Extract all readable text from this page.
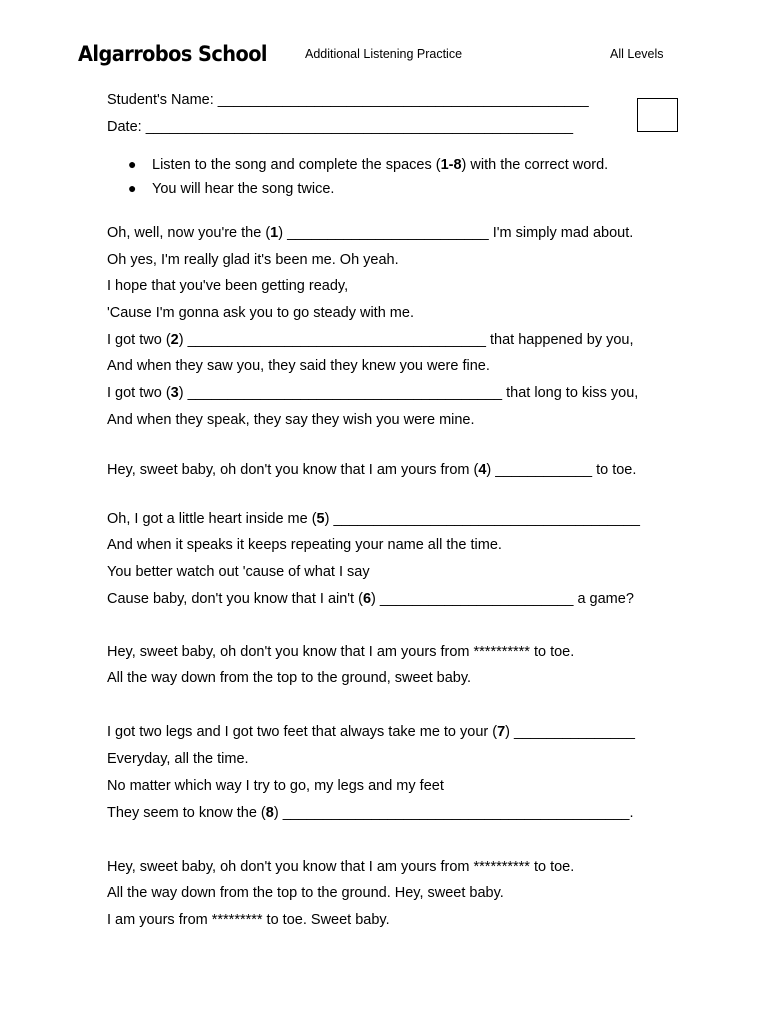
Algarrobos School	Additional Listening Practice	All Levels
Student's Name: ______________________________________________
Date: _____________________________________________________
● Listen to the song and complete the spaces (1-8) with the correct word.
● You will hear the song twice.
Oh, well, now you're the (1) _________________________ I'm simply mad about.
Oh yes, I'm really glad it's been me. Oh yeah.
I hope that you've been getting ready,
'Cause I'm gonna ask you to go steady with me.
I got two (2) _____________________________________ that happened by you,
And when they saw you, they said they knew you were fine.
I got two (3) _______________________________________ that long to kiss you,
And when they speak, they say they wish you were mine.
Hey, sweet baby, oh don't you know that I am yours from (4) ____________ to toe.
Oh, I got a little heart inside me (5) ______________________________________
And when it speaks it keeps repeating your name all the time.
You better watch out 'cause of what I say
Cause baby, don't you know that I ain't (6) ________________________ a game?
Hey, sweet baby, oh don't you know that I am yours from ********** to toe.
All the way down from the top to the ground, sweet baby.
I got two legs and I got two feet that always take me to your (7) _______________
Everyday, all the time.
No matter which way I try to go, my legs and my feet
They seem to know the (8) ___________________________________________.
Hey, sweet baby, oh don't you know that I am yours from ********** to toe.
All the way down from the top to the ground. Hey, sweet baby.
I am yours from ********* to toe. Sweet baby.
